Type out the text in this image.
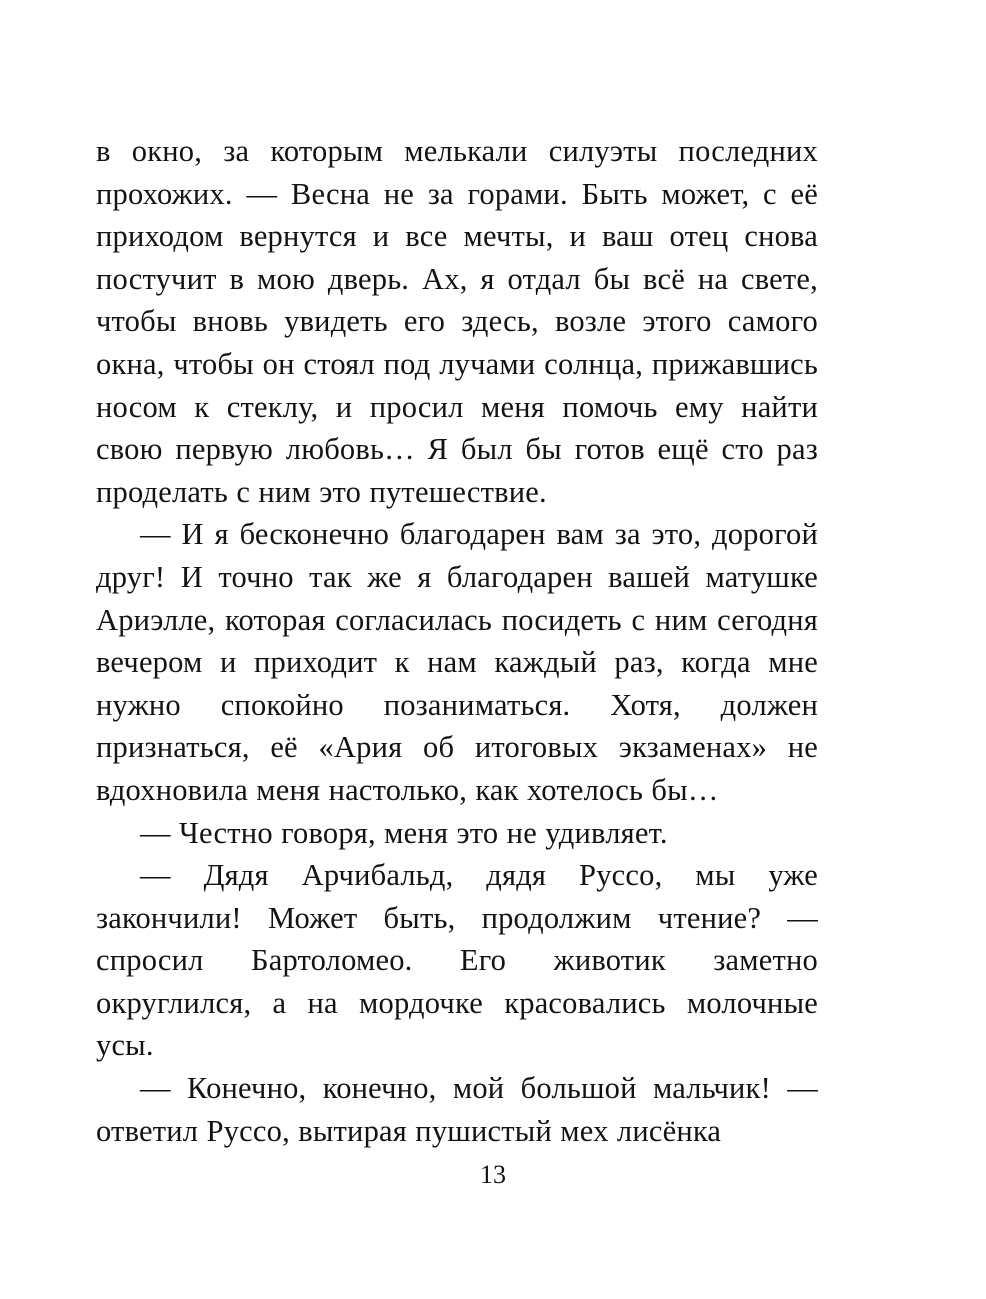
в окно, за которым мелькали силуэты последних прохожих. — Весна не за горами. Быть может, с её приходом вернутся и все мечты, и ваш отец снова постучит в мою дверь. Ах, я отдал бы всё на свете, чтобы вновь увидеть его здесь, возле этого самого окна, чтобы он стоял под лучами солнца, прижавшись носом к стеклу, и просил меня помочь ему найти свою первую любовь… Я был бы готов ещё сто раз проделать с ним это путешествие.

— И я бесконечно благодарен вам за это, дорогой друг! И точно так же я благодарен вашей матушке Ариэлле, которая согласилась посидеть с ним сегодня вечером и приходит к нам каждый раз, когда мне нужно спокойно позаниматься. Хотя, должен признаться, её «Ария об итоговых экзаменах» не вдохновила меня настолько, как хотелось бы…

— Честно говоря, меня это не удивляет.

— Дядя Арчибальд, дядя Руссо, мы уже закончили! Может быть, продолжим чтение? — спросил Бартоломео. Его животик заметно округлился, а на мордочке красовались молочные усы.

— Конечно, конечно, мой большой мальчик! — ответил Руссо, вытирая пушистый мех лисёнка

13
